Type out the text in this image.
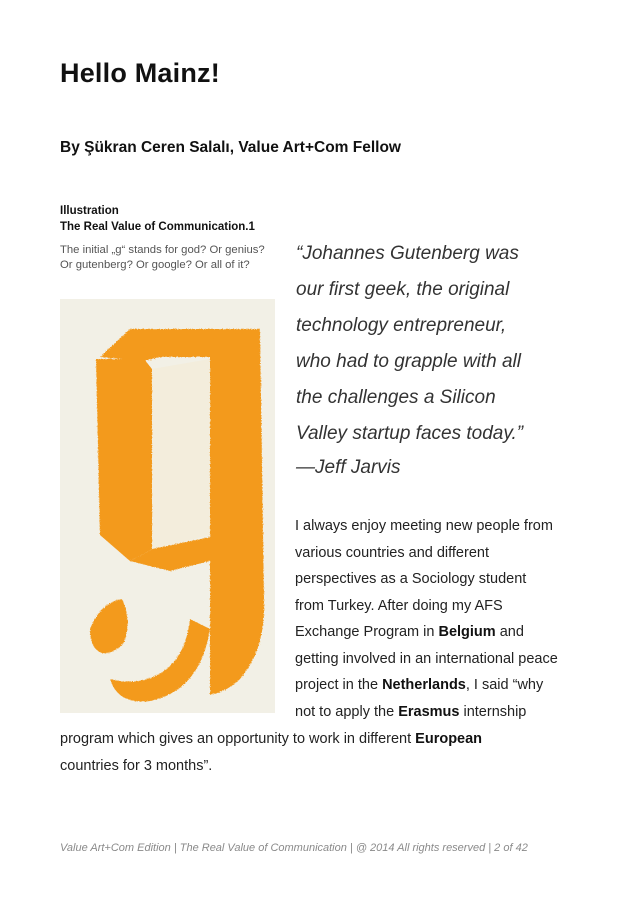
Hello Mainz!
By Şükran Ceren Salalı, Value Art+Com Fellow
Illustration
The Real Value of Communication.1
The initial „g“ stands for god? Or genius?
Or gutenberg? Or google? Or all of it?
“Johannes Gutenberg was
our first geek, the original
technology entrepreneur,
who had to grapple with all
the challenges a Silicon
Valley startup faces today.”
—Jeff Jarvis

I always enjoy meeting new people from

various countries and different

perspectives as a Sociology student

from Turkey. After doing my AFS

Exchange Program in Belgium and

getting involved in an international peace

project in the Netherlands, I said “why

not to apply the Erasmus internship

program which gives an opportunity to work in different European

countries for 3 months”.

Value Art+Com Edition | The Real Value of Communication | @ 2014 All rights reserved | 2 of 42
